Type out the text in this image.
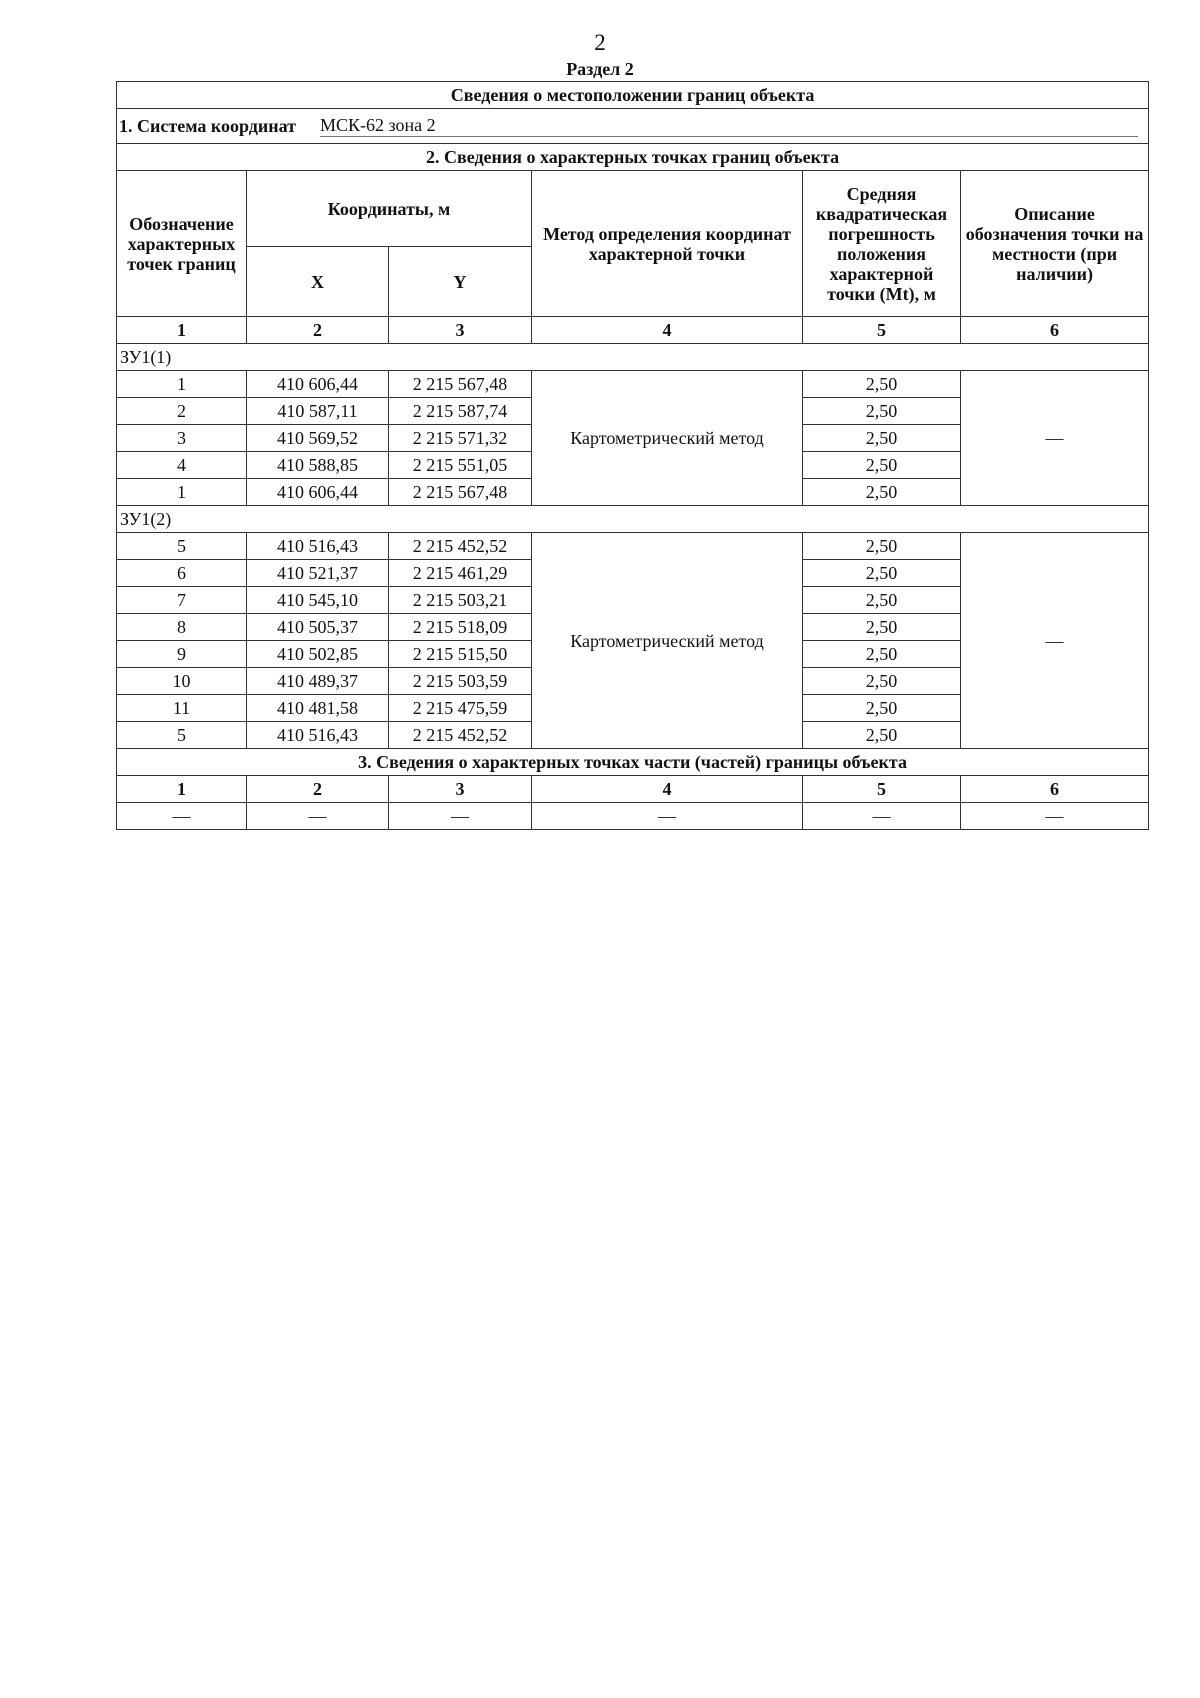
2
Раздел 2
Сведения о местоположении границ объекта					

1. Система координат МСК-62 зона 2					

2. Сведения о характерных точках границ объекта					
Обозначение характерных точек границ	Координаты, м		Метод определения координат характерной точки	Средняя квадратическая погрешность положения характерной точки (Mt), м	Описание обозначения точки на местности (при наличии)
	X	Y			
1	2	3	4	5	6
ЗУ1(1)					
1	410 606,44	2 215 567,48	Картометрический метод	2,50	—
2	410 587,11	2 215 587,74		2,50	
3	410 569,52	2 215 571,32		2,50	
4	410 588,85	2 215 551,05		2,50	
1	410 606,44	2 215 567,48		2,50	
ЗУ1(2)					
5	410 516,43	2 215 452,52	Картометрический метод	2,50	—
6	410 521,37	2 215 461,29		2,50	
7	410 545,10	2 215 503,21		2,50	
8	410 505,37	2 215 518,09		2,50	
9	410 502,85	2 215 515,50		2,50	
10	410 489,37	2 215 503,59		2,50	
11	410 481,58	2 215 475,59		2,50	
5	410 516,43	2 215 452,52		2,50	
3. Сведения о характерных точках части (частей) границы объекта					
1	2	3	4	5	6
—	—	—	—	—	—
